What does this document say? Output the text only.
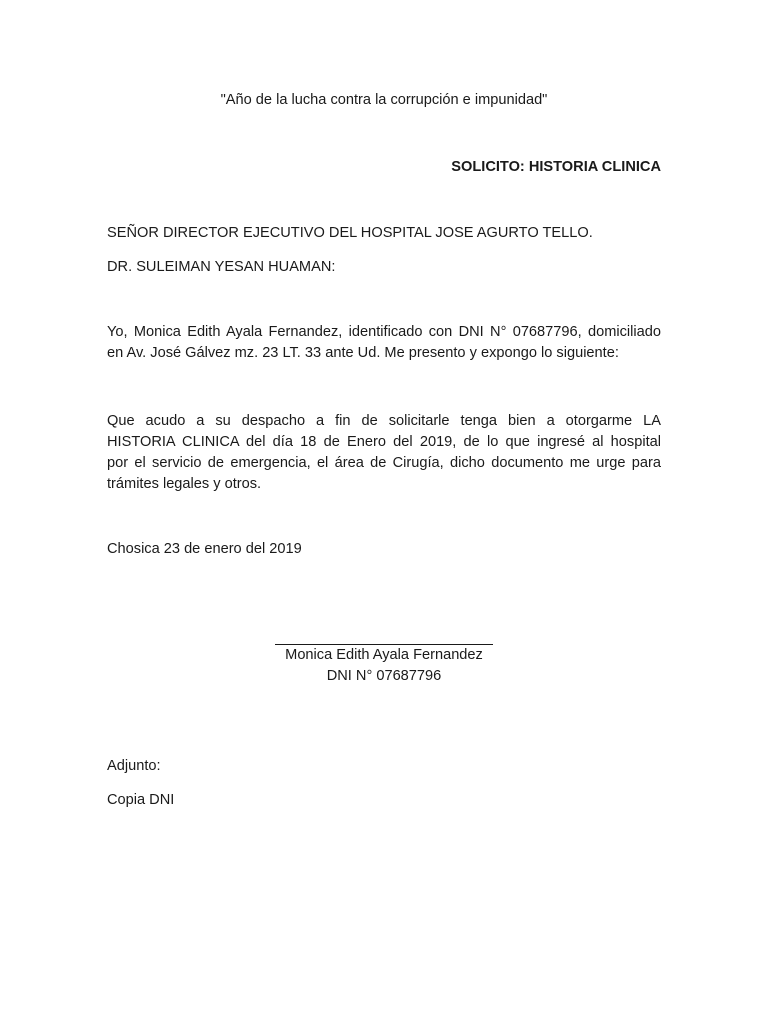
"Año de la lucha contra la corrupción e impunidad"
SOLICITO: HISTORIA CLINICA
SEÑOR DIRECTOR EJECUTIVO DEL HOSPITAL JOSE AGURTO TELLO.
DR. SULEIMAN YESAN HUAMAN:
Yo, Monica Edith Ayala Fernandez, identificado con DNI N° 07687796, domiciliado
en Av. José Gálvez mz. 23 LT. 33 ante Ud. Me presento y expongo lo siguiente:
Que acudo a su despacho a fin de solicitarle tenga bien a otorgarme LA
HISTORIA CLINICA del día 18 de Enero del 2019, de lo que ingresé al hospital
por el servicio de emergencia, el área de Cirugía, dicho documento me urge para
trámites legales y otros.
Chosica 23 de enero del 2019
Monica Edith Ayala Fernandez
DNI N° 07687796
Adjunto:
Copia DNI
